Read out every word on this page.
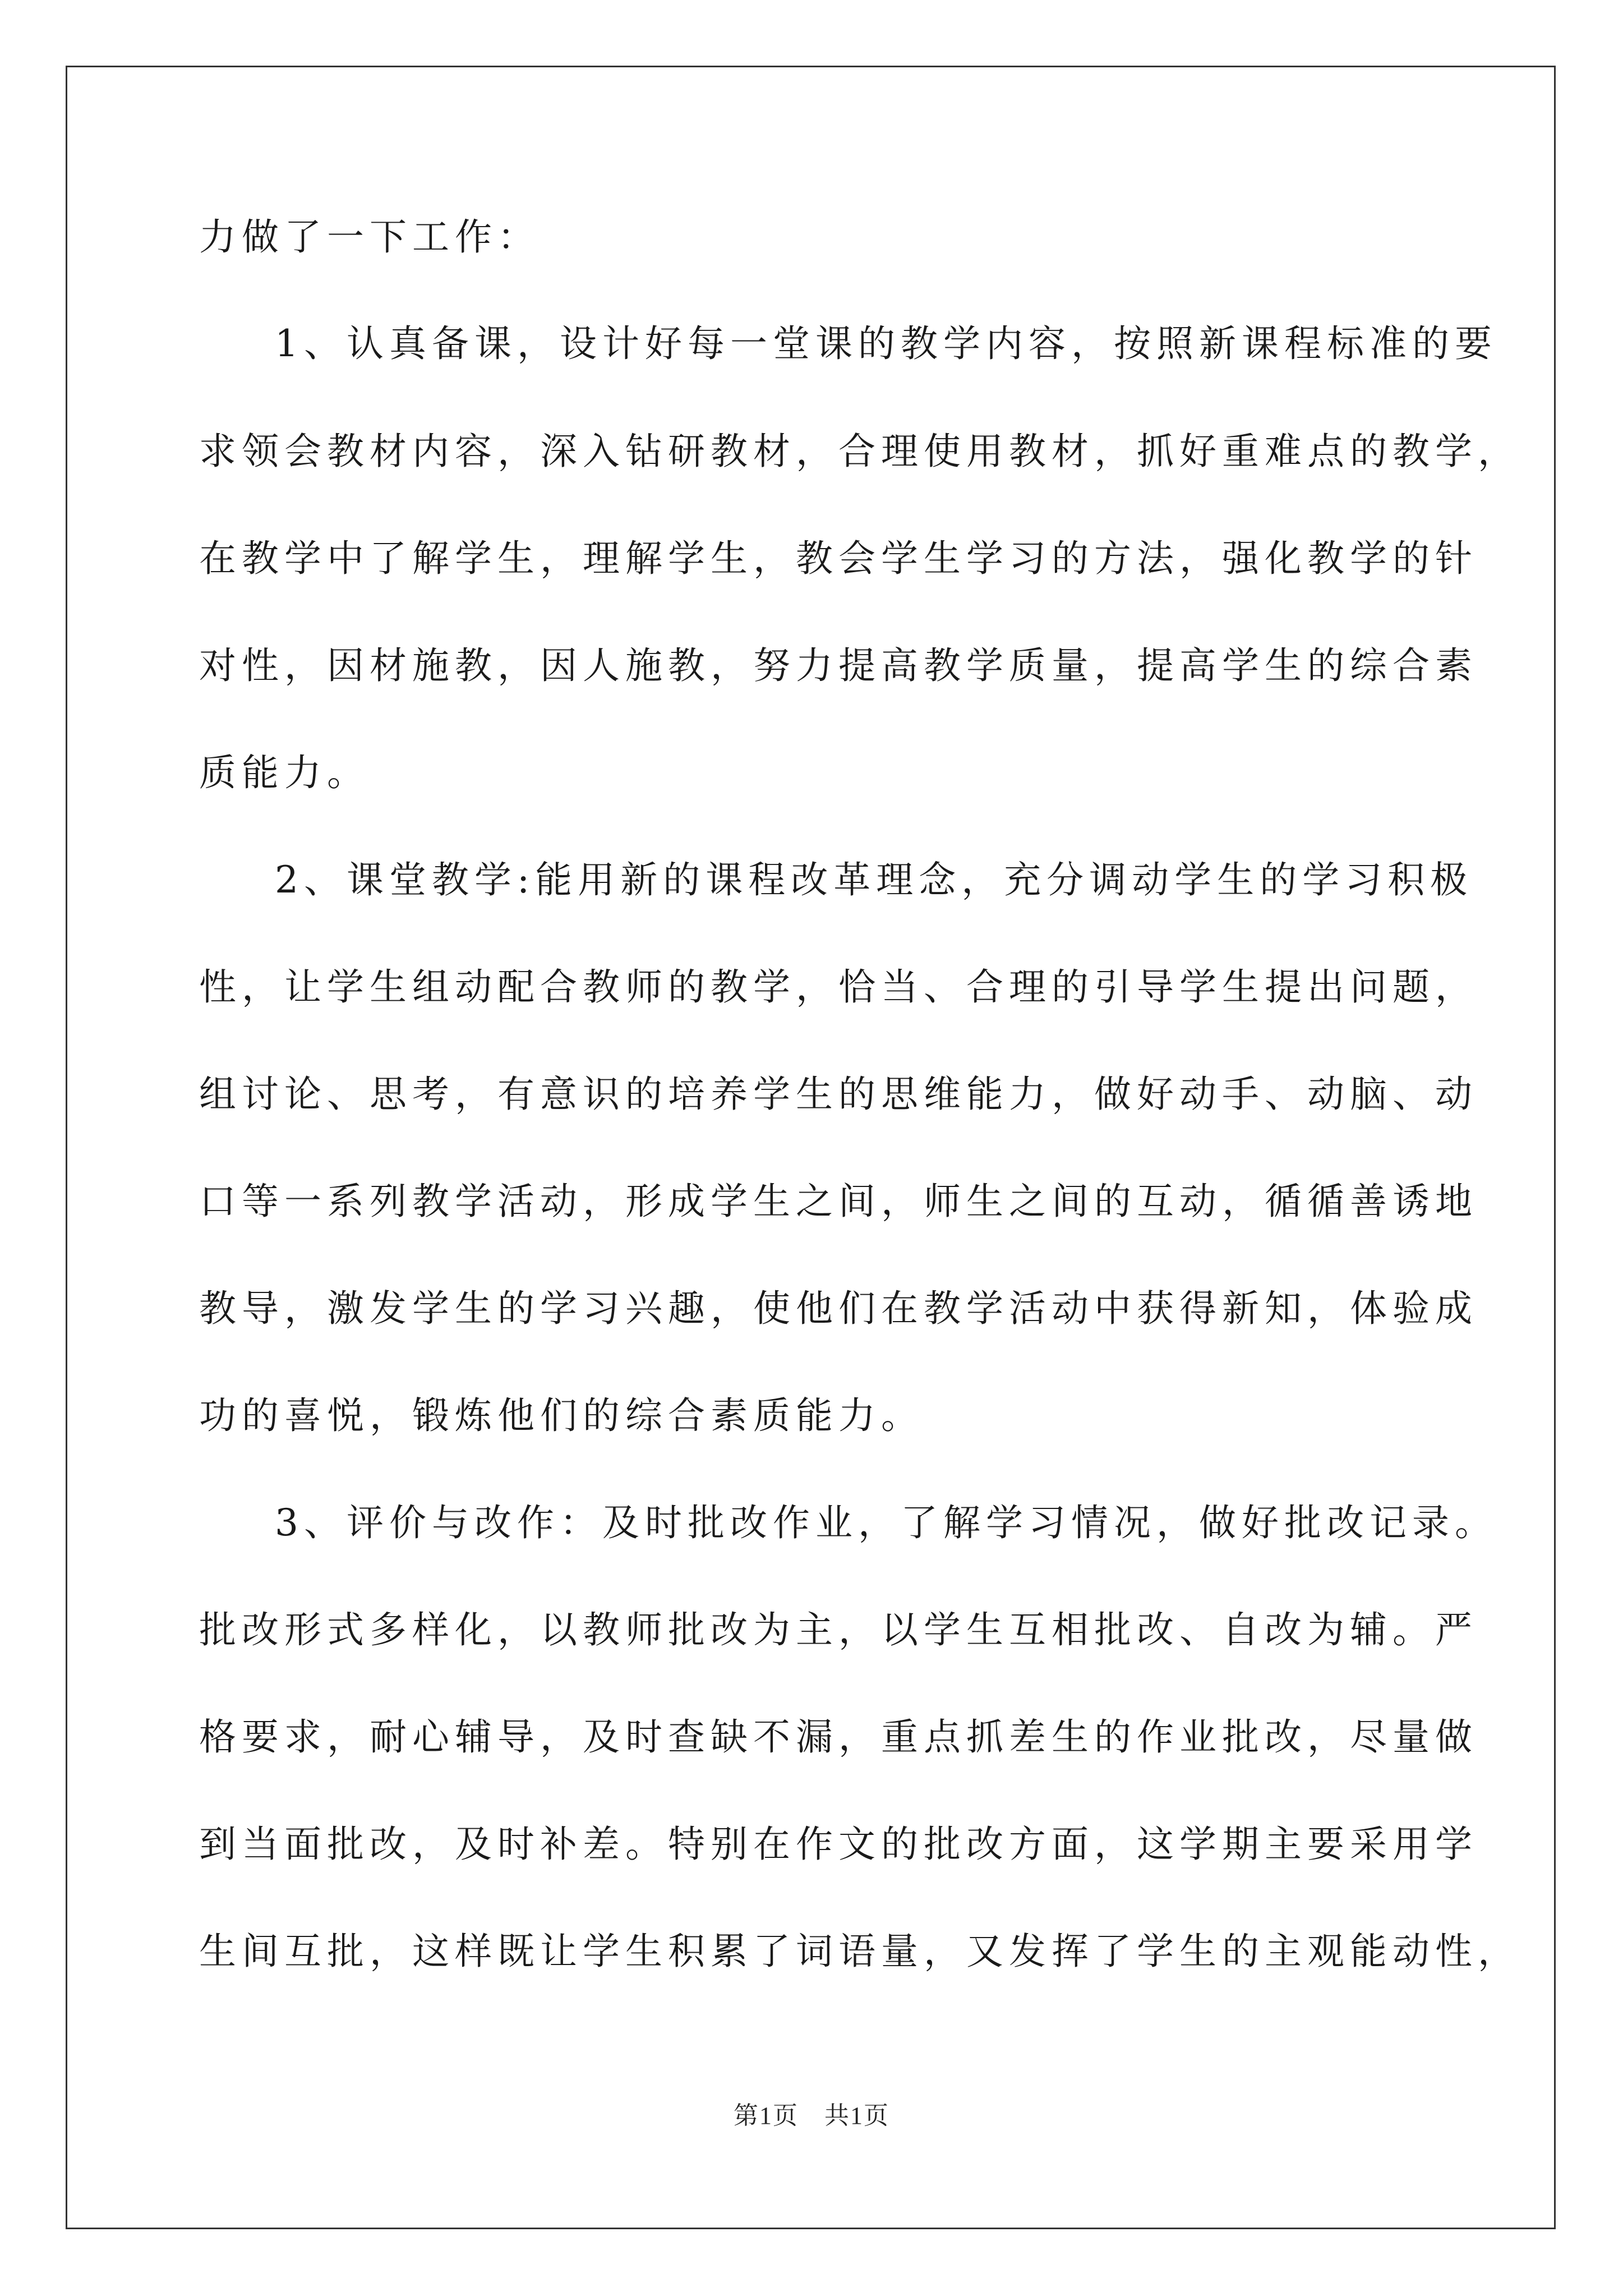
力做了一下工作：
1、认真备课，设计好每一堂课的教学内容，按照新课程标准的要
求领会教材内容，深入钻研教材，合理使用教材，抓好重难点的教学，
在教学中了解学生，理解学生，教会学生学习的方法，强化教学的针
对性，因材施教，因人施教，努力提高教学质量，提高学生的综合素
质能力。
2、课堂教学:能用新的课程改革理念，充分调动学生的学习积极
性，让学生组动配合教师的教学，恰当、合理的引导学生提出问题，
组讨论、思考，有意识的培养学生的思维能力，做好动手、动脑、动
口等一系列教学活动，形成学生之间，师生之间的互动，循循善诱地
教导，激发学生的学习兴趣，使他们在教学活动中获得新知，体验成
功的喜悦，锻炼他们的综合素质能力。
3、评价与改作：及时批改作业，了解学习情况，做好批改记录。
批改形式多样化，以教师批改为主，以学生互相批改、自改为辅。严
格要求，耐心辅导，及时查缺不漏，重点抓差生的作业批改，尽量做
到当面批改，及时补差。特别在作文的批改方面，这学期主要采用学
生间互批，这样既让学生积累了词语量，又发挥了学生的主观能动性，
第1页　共1页
